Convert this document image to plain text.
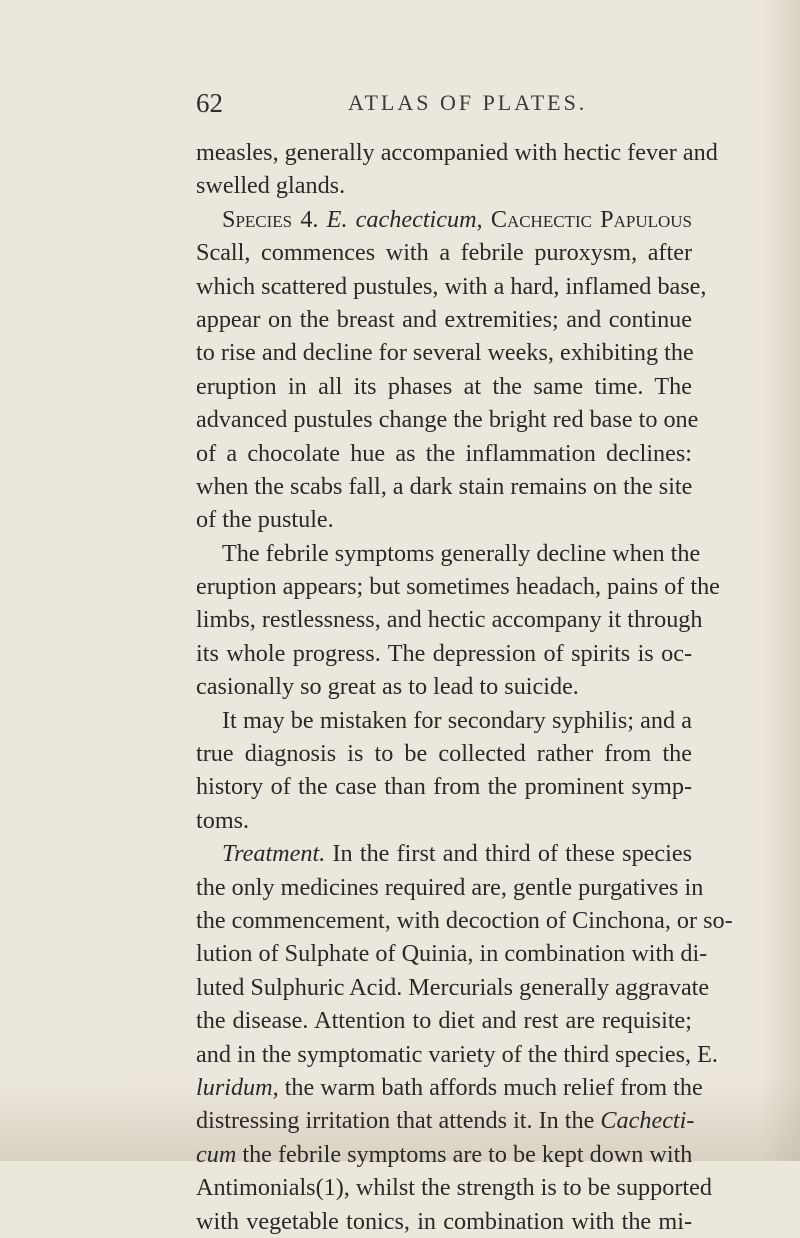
62	ATLAS OF PLATES.
measles, generally accompanied with hectic fever and
swelled glands.
Species 4. E. cachecticum, Cachectic Papulous
Scall, commences with a febrile puroxysm, after
which scattered pustules, with a hard, inflamed base,
appear on the breast and extremities; and continue
to rise and decline for several weeks, exhibiting the
eruption in all its phases at the same time. The
advanced pustules change the bright red base to one
of a chocolate hue as the inflammation declines:
when the scabs fall, a dark stain remains on the site
of the pustule.
The febrile symptoms generally decline when the
eruption appears; but sometimes headach, pains of the
limbs, restlessness, and hectic accompany it through
its whole progress. The depression of spirits is oc-
casionally so great as to lead to suicide.
It may be mistaken for secondary syphilis; and a
true diagnosis is to be collected rather from the
history of the case than from the prominent symp-
toms.
Treatment. In the first and third of these species
the only medicines required are, gentle purgatives in
the commencement, with decoction of Cinchona, or so-
lution of Sulphate of Quinia, in combination with di-
luted Sulphuric Acid. Mercurials generally aggravate
the disease. Attention to diet and rest are requisite;
and in the symptomatic variety of the third species, E.
luridum, the warm bath affords much relief from the
distressing irritation that attends it. In the Cachecti-
cum the febrile symptoms are to be kept down with
Antimonials(1), whilst the strength is to be supported
with vegetable tonics, in combination with the mi-
